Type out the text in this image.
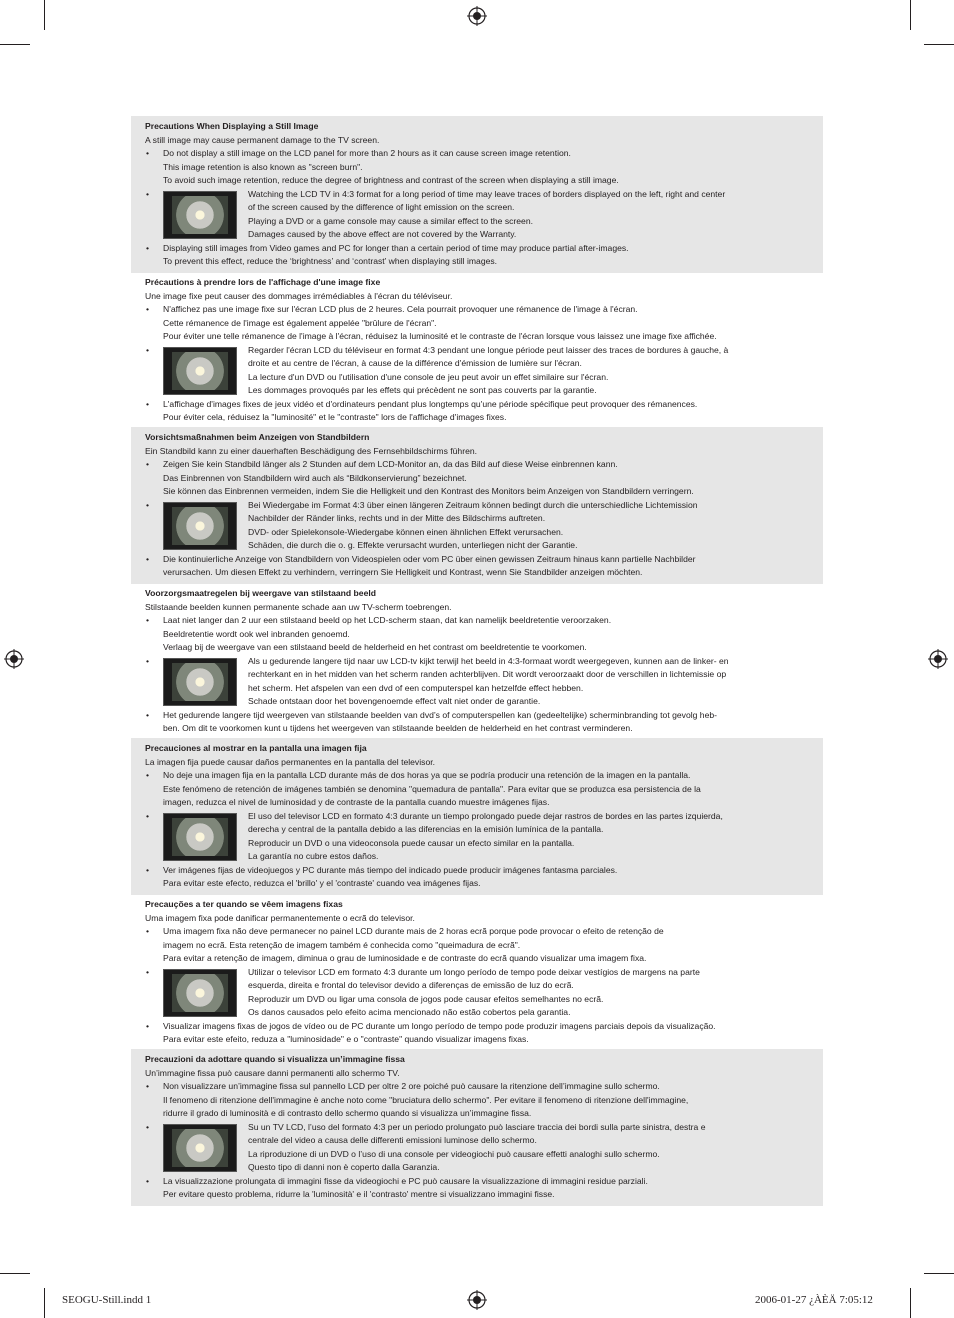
Precautions When Displaying a Still Image
A still image may cause permanent damage to the TV screen.
• Do not display a still image on the LCD panel for more than 2 hours as it can cause screen image retention.
This image retention is also known as "screen burn".
To avoid such image retention, reduce the degree of brightness and contrast of the screen when displaying a still image.
•	Watching the LCD TV in 4:3 format for a long period of time may leave traces of borders displayed on the left, right and center
of the screen caused by the difference of light emission on the screen.
Playing a DVD or a game console may cause a similar effect to the screen.
Damages caused by the above effect are not covered by the Warranty.
• Displaying still images from Video games and PC for longer than a certain period of time may produce partial after-images.
To prevent this effect, reduce the ‘brightness’ and ‘contrast’ when displaying still images.
Précautions à prendre lors de l'affichage d'une image fixe
Une image fixe peut causer des dommages irrémédiables à l'écran du téléviseur.
• N'affichez pas une image fixe sur l'écran LCD plus de 2 heures. Cela pourrait provoquer une rémanence de l'image à l'écran.
Cette rémanence de l'image est également appelée "brûlure de l'écran".
Pour éviter une telle rémanence de l'image à l'écran, réduisez la luminosité et le contraste de l'écran lorsque vous laissez une image fixe affichée.
•	Regarder l'écran LCD du téléviseur en format 4:3 pendant une longue période peut laisser des traces de bordures à gauche, à
droite et au centre de l'écran, à cause de la différence d'émission de lumière sur l'écran.
La lecture d'un DVD ou l'utilisation d'une console de jeu peut avoir un effet similaire sur l'écran.
Les dommages provoqués par les effets qui précèdent ne sont pas couverts par la garantie.
• L'affichage d'images fixes de jeux vidéo et d'ordinateurs pendant plus longtemps qu'une période spécifique peut provoquer des rémanences.
Pour éviter cela, réduisez la "luminosité" et le "contraste" lors de l'affichage d'images fixes.
Vorsichtsmaßnahmen beim Anzeigen von Standbildern
Ein Standbild kann zu einer dauerhaften Beschädigung des Fernsehbildschirms führen.
• Zeigen Sie kein Standbild länger als 2 Stunden auf dem LCD-Monitor an, da das Bild auf diese Weise einbrennen kann.
Das Einbrennen von Standbildern wird auch als “Bildkonservierung” bezeichnet.
Sie können das Einbrennen vermeiden, indem Sie die Helligkeit und den Kontrast des Monitors beim Anzeigen von Standbildern verringern.
•	Bei Wiedergabe im Format 4:3 über einen längeren Zeitraum können bedingt durch die unterschiedliche Lichtemission
Nachbilder der Ränder links, rechts und in der Mitte des Bildschirms auftreten.
DVD- oder Spielekonsole-Wiedergabe können einen ähnlichen Effekt verursachen.
Schäden, die durch die o. g. Effekte verursacht wurden, unterliegen nicht der Garantie.
• Die kontinuierliche Anzeige von Standbildern von Videospielen oder vom PC über einen gewissen Zeitraum hinaus kann partielle Nachbilder
verursachen. Um diesen Effekt zu verhindern, verringern Sie Helligkeit und Kontrast, wenn Sie Standbilder anzeigen möchten.
Voorzorgsmaatregelen bij weergave van stilstaand beeld
Stilstaande beelden kunnen permanente schade aan uw TV-scherm toebrengen.
• Laat niet langer dan 2 uur een stilstaand beeld op het LCD-scherm staan, dat kan namelijk beeldretentie veroorzaken.
Beeldretentie wordt ook wel inbranden genoemd.
Verlaag bij de weergave van een stilstaand beeld de helderheid en het contrast om beeldretentie te voorkomen.
•	Als u gedurende langere tijd naar uw LCD-tv kijkt terwijl het beeld in 4:3-formaat wordt weergegeven, kunnen aan de linker- en
rechterkant en in het midden van het scherm randen achterblijven. Dit wordt veroorzaakt door de verschillen in lichtemissie op
het scherm. Het afspelen van een dvd of een computerspel kan hetzelfde effect hebben.
Schade ontstaan door het bovengenoemde effect valt niet onder de garantie.
• Het gedurende langere tijd weergeven van stilstaande beelden van dvd’s of computerspellen kan (gedeeltelijke) scherminbranding tot gevolg heb-
ben. Om dit te voorkomen kunt u tijdens het weergeven van stilstaande beelden de helderheid en het contrast verminderen.
Precauciones al mostrar en la pantalla una imagen fija
La imagen fija puede causar daños permanentes en la pantalla del televisor.
• No deje una imagen fija en la pantalla LCD durante más de dos horas ya que se podría producir una retención de la imagen en la pantalla.
Este fenómeno de retención de imágenes también se denomina "quemadura de pantalla". Para evitar que se produzca esa persistencia de la
imagen, reduzca el nivel de luminosidad y de contraste de la pantalla cuando muestre imágenes fijas.
•	El uso del televisor LCD en formato 4:3 durante un tiempo prolongado puede dejar rastros de bordes en las partes izquierda,
derecha y central de la pantalla debido a las diferencias en la emisión lumínica de la pantalla.
Reproducir un DVD o una videoconsola puede causar un efecto similar en la pantalla.
La garantía no cubre estos daños.
• Ver imágenes fijas de videojuegos y PC durante más tiempo del indicado puede producir imágenes fantasma parciales.
Para evitar este efecto, reduzca el 'brillo' y el 'contraste' cuando vea imágenes fijas.
Precauções a ter quando se vêem imagens fixas
Uma imagem fixa pode danificar permanentemente o ecrã do televisor.
• Uma imagem fixa não deve permanecer no painel LCD durante mais de 2 horas ecrã porque pode provocar o efeito de retenção de
imagem no ecrã. Esta retenção de imagem também é conhecida como "queimadura de ecrã".
Para evitar a retenção de imagem, diminua o grau de luminosidade e de contraste do ecrã quando visualizar uma imagem fixa.
•	Utilizar o televisor LCD em formato 4:3 durante um longo período de tempo pode deixar vestígios de margens na parte
esquerda, direita e frontal do televisor devido a diferenças de emissão de luz do ecrã.
Reproduzir um DVD ou ligar uma consola de jogos pode causar efeitos semelhantes no ecrã.
Os danos causados pelo efeito acima mencionado não estão cobertos pela garantia.
• Visualizar imagens fixas de jogos de vídeo ou de PC durante um longo período de tempo pode produzir imagens parciais depois da visualização.
Para evitar este efeito, reduza a "luminosidade" e o "contraste" quando visualizar imagens fixas.
Precauzioni da adottare quando si visualizza un’immagine fissa
Un’immagine fissa può causare danni permanenti allo schermo TV.
• Non visualizzare un’immagine fissa sul pannello LCD per oltre 2 ore poiché può causare la ritenzione dell’immagine sullo schermo.
Il fenomeno di ritenzione dell'immagine è anche noto come "bruciatura dello schermo". Per evitare il fenomeno di ritenzione dell'immagine,
ridurre il grado di luminosità e di contrasto dello schermo quando si visualizza un’immagine fissa.
•	Su un TV LCD, l’uso del formato 4:3 per un periodo prolungato può lasciare traccia dei bordi sulla parte sinistra, destra e
centrale del video a causa delle differenti emissioni luminose dello schermo.
La riproduzione di un DVD o l’uso di una console per videogiochi può causare effetti analoghi sullo schermo.
Questo tipo di danni non è coperto dalla Garanzia.
• La visualizzazione prolungata di immagini fisse da videogiochi e PC può causare la visualizzazione di immagini residue parziali.
Per evitare questo problema, ridurre la 'luminosità' e il 'contrasto' mentre si visualizzano immagini fisse.
SEOGU-Still.indd 1	2006-01-27 ¿ÀÈÄ 7:05:12
